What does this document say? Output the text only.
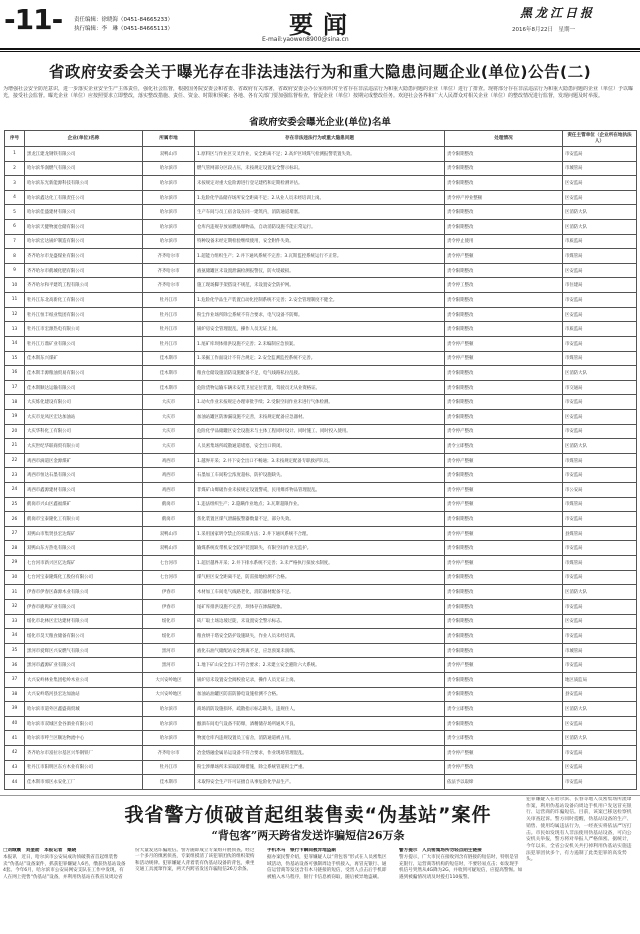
-11- 责任编辑：徐晓海（0451-84665233）
执行编辑：李　琳（0451-84665113）	要闻
E-mail:yaowen8900@sina.cn
黑龙江日报
2016年8月22日　星期一
省政府安委会关于曝光存在非法违法行为和重大隐患问题企业(单位)公告(二)
为增强社会安全防范意识，进一步落实企业安全生产主体责任，强化社会监督，根据国务院安委会和省委、省政府有关部署，省政府安委会办公室组织对全省存在非法违法行为和重大隐患问题的企业（单位）进行了排查。现将部分存在非法违法行为和重大隐患问题的企业（单位）予以曝光，接受社会监督。曝光企业（单位）应按照要求立即整改，落实整改措施、责任、资金、时限和预案；各地、各有关部门要加强监督检查，督促企业（单位）按期完成整改任务。欢迎社会各界和广大人民群众对相关企业（单位）的整改情况进行监督，发现问题及时举报。
省政府安委会曝光企业(单位)名单
序号	企业(单位)名称	所属市地	存在非法违法行为或重大隐患问题	处理情况	责任主管单位（企业所在地执法人）
1	黑龙江建龙钢铁有限公司	双鸭山市	1.原料区与作业区交叉作业，安全距离不足；2.高炉区域煤气检测报警装置失效。	责令限期整改	市安监局
2	哈尔滨华润燃气有限公司	哈尔滨市	燃气管网部分区段占压，未按规定设置安全警示标识。	责令限期整改	市城管局
3	哈尔滨东光新能源科技有限公司	哈尔滨市	未按规定对重大危险源进行登记建档和定期检测评估。	责令限期整改	区安监局
4	哈尔滨鑫达化工有限责任公司	哈尔滨市	1.危险化学品储存场所安全距离不足；2.从业人员未经培训上岗。	责令停产停业整顿	区安监局
5	哈尔滨佳盛建材有限公司	哈尔滨市	生产车间与员工宿舍设在同一建筑内，消防通道堵塞。	责令限期整改	区消防大队
6	哈尔滨天健物流仓储有限公司	哈尔滨市	仓库内违规存放易燃易爆物品，自动消防设施不能正常运行。	责令限期整改	区消防大队
7	哈尔滨宏达锅炉制造有限公司	哈尔滨市	特种设备未经定期检验继续使用，安全附件失效。	责令停止使用	市质监局
8	齐齐哈尔市龙盛煤业有限公司	齐齐哈尔市	1.超能力组织生产；2.井下通风系统不完善；3.瓦斯监控系统运行不正常。	责令停产整顿	市煤管局
9	齐齐哈尔市鹤城化肥有限公司	齐齐哈尔市	液氨储罐区未设置泄漏检测报警仪，防火堤破损。	责令限期整改	区安监局
10	齐齐哈尔和平建筑工程有限公司	齐齐哈尔市	施工现场脚手架搭设不规范，未设置安全防护网。	责令停工整改	市住建局
11	牡丹江东北高新化工有限公司	牡丹江市	1.危险化学品生产装置自动化控制系统不完善；2.安全管理制度不健全。	责令限期整改	市安监局
12	牡丹江恒丰纸业集团有限公司	牡丹江市	粉尘作业场所除尘系统不符合要求，电气设备不防爆。	责令限期整改	区安监局
13	牡丹江市宏源热电有限公司	牡丹江市	锅炉房安全管理混乱，操作人员无证上岗。	责令限期整改	市质监局
14	牡丹江万鼎矿业有限公司	牡丹江市	1.尾矿库坝体排洪设施不完善；2.未编制应急预案。	责令停产整顿	市安监局
15	佳木斯东兴煤矿	佳木斯市	1.采掘工作面设计不符合规定；2.安全监测监控系统不完善。	责令停产整顿	市煤管局
16	佳木斯丰源粮油贸易有限公司	佳木斯市	粮食仓储设施消防设施配备不足，电气线路私拉乱接。	责令限期整改	区消防大队
17	佳木斯顺达运输有限公司	佳木斯市	危险货物运输车辆未安装卫星定位装置，驾驶员无从业资格证。	责令限期整改	市交通局
18	大庆炼化建设有限公司	大庆市	1.动火作业未按规定办理审批手续；2.受限空间作业未进行气体检测。	责令限期整改	市安监局
19	大庆市龙凤区宏达加油站	大庆市	加油站罐区防渗漏设施不完善，未按规定配备应急器材。	责令限期整改	区安监局
20	大庆华科化工有限公司	大庆市	危险化学品储罐区安全设施未与主体工程同时设计、同时施工、同时投入使用。	责令停产整改	市安监局
21	大庆世纪华联商贸有限公司	大庆市	人员密集场所疏散通道堵塞，安全出口锁闭。	责令立即整改	区消防大队
22	鸡西市滴道区金源煤矿	鸡西市	1.越界开采；2.井下安全出口不畅通；3.未按规定配备专职救护队员。	责令停产整顿	市煤管局
23	鸡西市恒达石墨有限公司	鸡西市	石墨加工车间粉尘浓度超标，防护设施缺失。	责令限期整改	市安监局
24	鸡西市鑫源建材有限公司	鸡西市	非煤矿山爆破作业未按规定设置警戒，民用爆炸物品管理混乱。	责令停产整顿	市公安局
25	鹤岗市兴山区鑫福煤矿	鹤岗市	1.违法组织生产；2.隐瞒作业地点；3.瓦斯超限作业。	责令停产整顿	市煤管局
26	鹤岗市宝泰隆化工有限公司	鹤岗市	焦化装置区煤气泄漏报警器数量不足，部分失效。	责令限期整改	市安监局
27	双鸭山市集贤县宏达煤矿	双鸭山市	1.采用国家明令禁止的采煤方法；2.井下通风系统不合理。	责令停产整顿	县煤管局
28	双鸭山东方热电有限公司	双鸭山市	输煤系统皮带机安全防护装置缺失，有限空间作业无监护。	责令限期整改	市安监局
29	七台河市新兴区亿达煤矿	七台河市	1.超层越界开采；2.井下排水系统不完善；3.未严格执行探放水制度。	责令停产整顿	市煤管局
30	七台河宝泰隆煤化工股份有限公司	七台河市	煤气柜区安全距离不足，防雷接地检测不合格。	责令限期整改	市安监局
31	伊春市伊春区森源木业有限公司	伊春市	木材加工车间电气线路老化，消防器材配备不足。	责令限期整改	区消防大队
32	伊春市鹿鸣矿业有限公司	伊春市	尾矿库排洪设施不完善，坝体存在渗漏现象。	责令限期整改	市安监局
33	绥化市北林区宏达建材有限公司	绥化市	砖厂取土场边坡过陡，未设置安全警示标志。	责令限期整改	区安监局
34	绥化市昊天粮食储备有限公司	绥化市	粮食烘干塔安全防护设施缺失，作业人员未经培训。	责令限期整改	市安监局
35	黑河市爱辉区兴安燃气有限公司	黑河市	液化石油气储配站安全距离不足，应急预案未演练。	责令限期整改	市城管局
36	黑河市鑫源矿业有限公司	黑河市	1.地下矿山安全出口不符合要求；2.未建立安全避险六大系统。	责令停产整顿	市安监局
37	大兴安岭林业集团松岭木业公司	大兴安岭地区	锅炉房未设置安全阀校验记录，操作人员无证上岗。	责令限期整改	地区质监局
38	大兴安岭塔河县宏达加油站	大兴安岭地区	加油站油罐区防雷防静电设施检测不合格。	责令限期整改	县安监局
39	哈尔滨市道外区鑫盛商贸城	哈尔滨市	商场消防设施损坏，疏散指示标志缺失，违规住人。	责令立即整改	区消防大队
40	哈尔滨市双城区金谷酒业有限公司	哈尔滨市	酿酒车间电气设备不防爆，酒精储存场所通风不良。	责令限期整改	区安监局
41	哈尔滨市呼兰区顺达物流中心	哈尔滨市	物流仓库内违规设置员工宿舍，消防通道被占用。	责令立即整改	区消防大队
42	齐齐哈尔市富拉尔基区兴华钢铁厂	齐齐哈尔市	冶金熔融金属吊运设备不符合要求，作业现场管理混乱。	责令停产整顿	市安监局
43	牡丹江市阳明区东方木业有限公司	牡丹江市	粉尘涉爆场所未采取防爆措施，除尘系统管道积尘严重。	责令停产整改	区安监局
44	佳木斯市郊区永安化工厂	佳木斯市	未取得安全生产许可证擅自从事危险化学品生产。	依法予以取缔	市安监局
我省警方侦破首起组装售卖“伪基站”案件
“背包客”两天跨省发送诈骗短信26万条
□刘城震　刘奎劼　本报记者　桑晓
本报讯　近日，哈尔滨市公安局成功侦破我省首起组装售卖“伪基站”设备案件，抓获犯罪嫌疑人6名，缴获伪基站设备4套。今年6月，哈尔滨市公安局网安支队在工作中发现，有人在网上兜售“伪基站”设备，并利用伪基站在我省及周边省份大量发送诈骗短信。警方随即成立专案组开展侦查。经过一个多月的缜密侦查，专案组摸清了该犯罪团伙的组织架构和活动规律。犯罪嫌疑人背着装有伪基站设备的背包，乘坐交通工具流窜作案，两天内跨省发送诈骗短信26万余条。
手机木马　银行卡瞬间被异地盗刷
据办案民警介绍，犯罪嫌疑人以“背包客”形式在人员密集区域活动，伪基站设备可强制周边手机接入，再冒充银行、通信运营商等发送含有木马链接的短信，受害人点击后手机即被植入木马程序，银行卡信息被窃取，随后被异地盗刷。
警方提示　人员密集场所勿轻点陌生链接
警方提示，广大市民在接收到含有链接的短信时，特别是冒充银行、运营商等机构的短信时，不要轻易点击；如发现手机信号突然从4G降为2G，并收到可疑短信，应提高警惕。如遇到被骗情况请及时拨打110报警。
犯罪嫌疑人在哈尔滨、长春等地人员密集场所流窜作案，利用伪基站设备向周边手机用户发送冒充银行、运营商的诈骗短信。目前，该案已移送检察机关审查起诉。警方同时提醒，伪基站设备的生产、销售、使用均属违法行为，一经查实将依法严厉打击。市民如发现有人非法使用伪基站设备，可向公安机关举报，警方将对举报人严格保密。据统计，今年以来，全省公安机关共打掉利用伪基站实施违法犯罪团伙多个，有力遏制了此类犯罪的高发势头。
